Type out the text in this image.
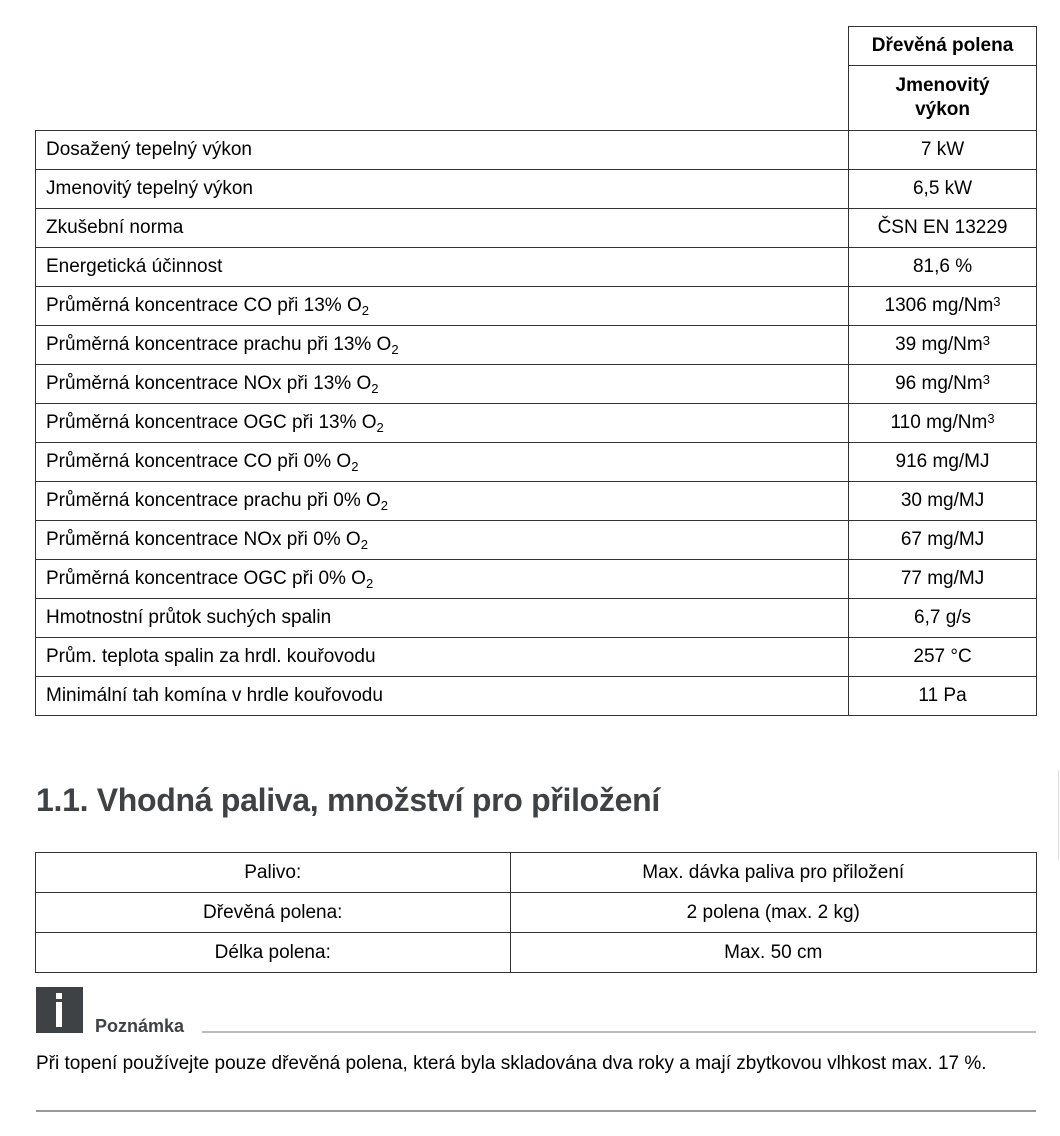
	Dřevěná polena
	Jmenovitý výkon
Dosažený tepelný výkon	7 kW
Jmenovitý tepelný výkon	6,5 kW
Zkušební norma	ČSN EN 13229
Energetická účinnost	81,6 %
Průměrná koncentrace CO při 13% $O_2$	1306 mg/Nm$^3$
Průměrná koncentrace prachu při 13% $O_2$	39 mg/Nm$^3$
Průměrná koncentrace NOx při 13% $O_2$	96 mg/Nm$^3$
Průměrná koncentrace OGC při 13% $O_2$	110 mg/Nm$^3$
Průměrná koncentrace CO při 0% $O_2$	916 mg/MJ
Průměrná koncentrace prachu při 0% $O_2$	30 mg/MJ
Průměrná koncentrace NOx při 0% $O_2$	67 mg/MJ
Průměrná koncentrace OGC při 0% $O_2$	77 mg/MJ
Hmotnostní průtok suchých spalin	6,7 g/s
Prům. teplota spalin za hrdl. kouřovodu	257 °C
Minimální tah komína v hrdle kouřovodu	11 Pa
1.1. Vhodná paliva, množství pro přiložení
Palivo:	Max. dávka paliva pro přiložení
Dřevěná polena:	2 polena (max. 2 kg)
Délka polena:	Max. 50 cm
Poznámka
Při topení používejte pouze dřevěná polena, která byla skladována dva roky a mají zbytkovou vlhkost max. 17 %.
